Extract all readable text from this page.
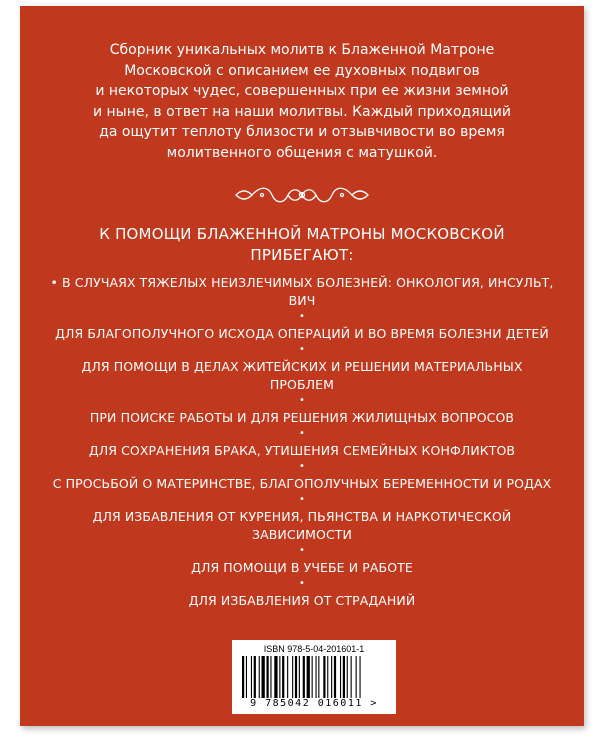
Сборник уникальных молитв к Блаженной Матроне
Московской с описанием ее духовных подвигов
и некоторых чудес, совершенных при ее жизни земной
и ныне, в ответ на наши молитвы. Каждый приходящий
да ощутит теплоту близости и отзывчивости во время
молитвенного общения с матушкой.
К ПОМОЩИ БЛАЖЕННОЙ МАТРОНЫ МОСКОВСКОЙ
ПРИБЕГАЮТ:
• В СЛУЧАЯХ ТЯЖЕЛЫХ НЕИЗЛЕЧИМЫХ БОЛЕЗНЕЙ: ОНКОЛОГИЯ, ИНСУЛЬТ, ВИЧ
•
ДЛЯ БЛАГОПОЛУЧНОГО ИСХОДА ОПЕРАЦИЙ И ВО ВРЕМЯ БОЛЕЗНИ ДЕТЕЙ
•
ДЛЯ ПОМОЩИ В ДЕЛАХ ЖИТЕЙСКИХ И РЕШЕНИИ МАТЕРИАЛЬНЫХ ПРОБЛЕМ
•
ПРИ ПОИСКЕ РАБОТЫ И ДЛЯ РЕШЕНИЯ ЖИЛИЩНЫХ ВОПРОСОВ
•
ДЛЯ СОХРАНЕНИЯ БРАКА, УТИШЕНИЯ СЕМЕЙНЫХ КОНФЛИКТОВ
•
С ПРОСЬБОЙ О МАТЕРИНСТВЕ, БЛАГОПОЛУЧНЫХ БЕРЕМЕННОСТИ И РОДАХ
•
ДЛЯ ИЗБАВЛЕНИЯ ОТ КУРЕНИЯ, ПЬЯНСТВА И НАРКОТИЧЕСКОЙ ЗАВИСИМОСТИ
•
ДЛЯ ПОМОЩИ В УЧЕБЕ И РАБОТЕ
•
ДЛЯ ИЗБАВЛЕНИЯ ОТ СТРАДАНИЙ
ISBN 978-5-04-201601-1
9 785042 016011 >
